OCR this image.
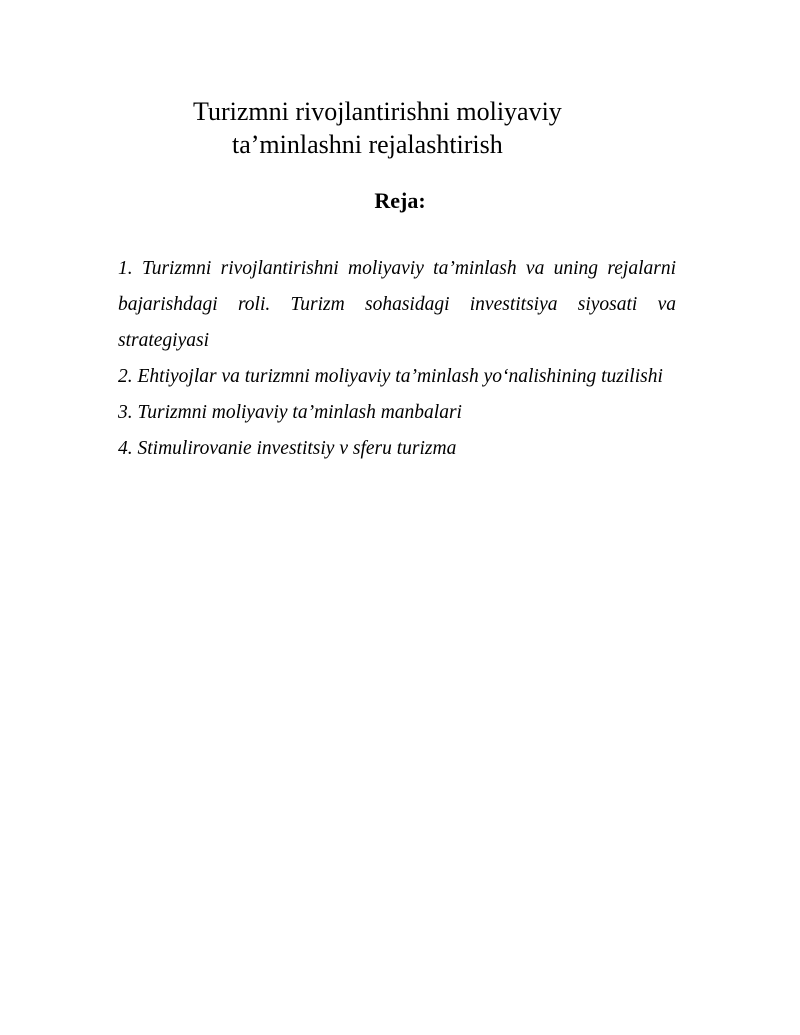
Turizmni rivojlantirishni moliyaviy
ta’minlashni rejalashtirish
Reja:
1. Turizmni rivojlantirishni moliyaviy ta’minlash va uning rejalarni bajarishdagi roli. Turizm sohasidagi investitsiya siyosati va strategiyasi
2. Ehtiyojlar va turizmni moliyaviy ta’minlash yo‘nalishining tuzilishi
3. Turizmni moliyaviy ta’minlash manbalari
4. Stimulirovanie investitsiy v sferu turizma
